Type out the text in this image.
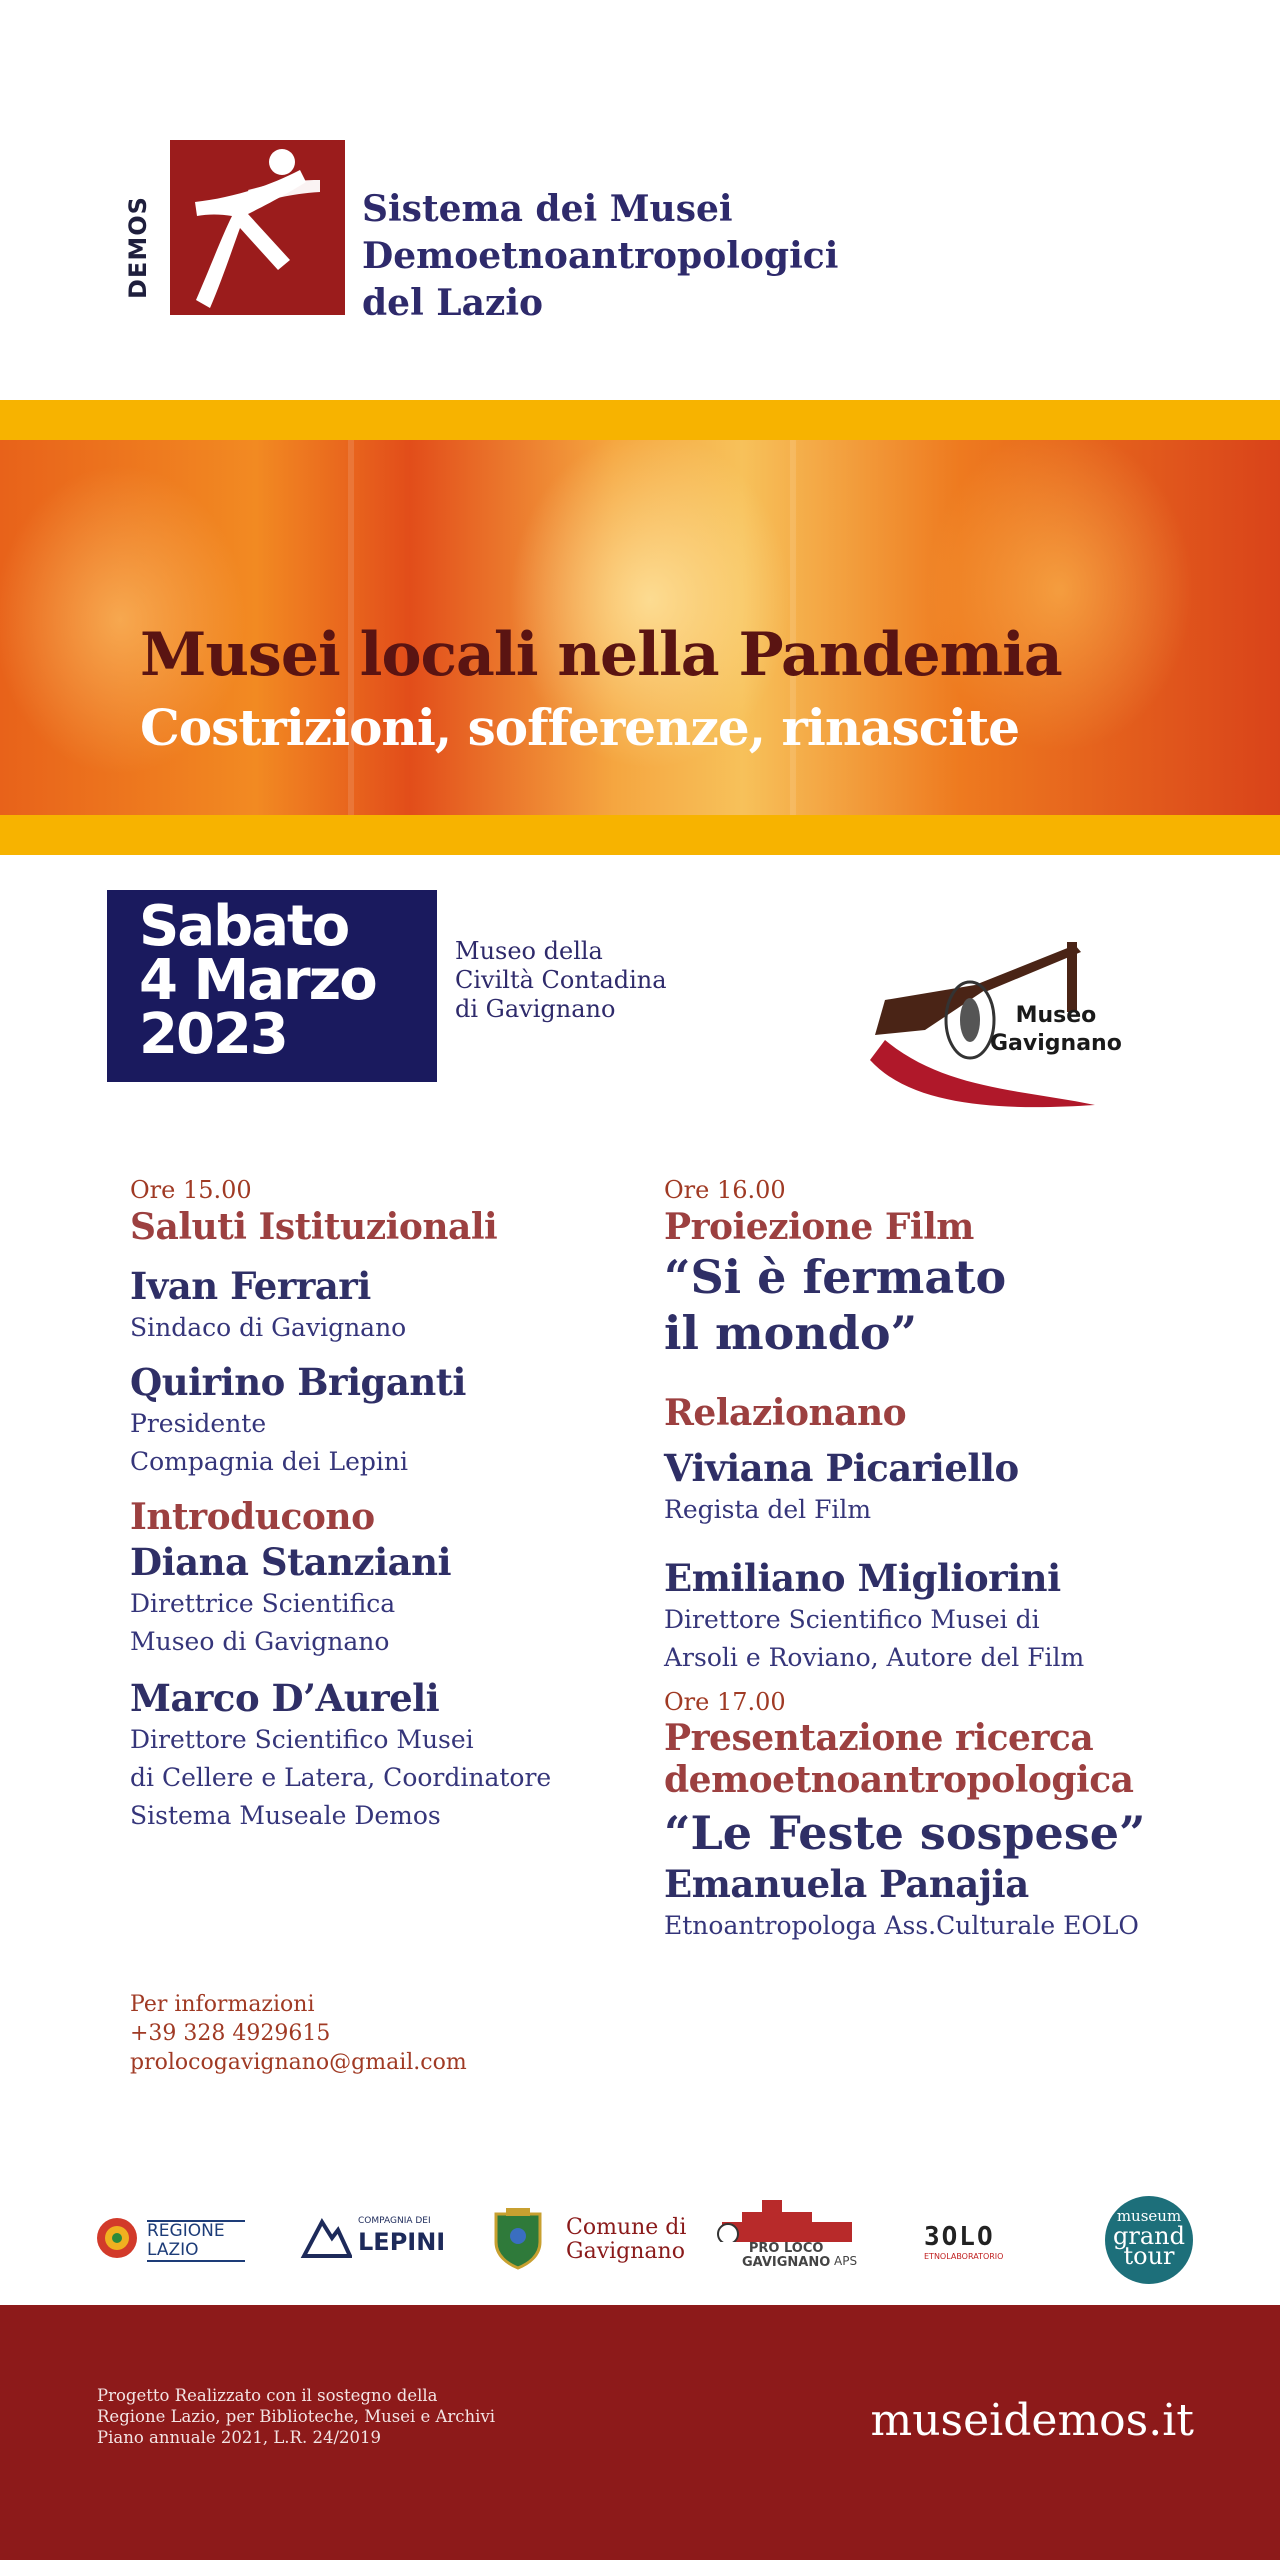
DEMOS	Sistema dei Musei
Demoetnoantropologici
del Lazio
Musei locali nella Pandemia
Costrizioni, sofferenze, rinascite
Sabato
4 Marzo
2023
Museo della
Civiltà Contadina
di Gavignano	Museo
Gavignano
Ore 15.00
Saluti Istituzionali
Ivan Ferrari
Sindaco di Gavignano
Quirino Briganti
Presidente
Compagnia dei Lepini
Introducono
Diana Stanziani
Direttrice Scientifica
Museo di Gavignano
Marco D’Aureli
Direttore Scientifico Musei
di Cellere e Latera, Coordinatore
Sistema Museale Demos
Ore 16.00
Proiezione Film
“Si è fermato
il mondo”
Relazionano
Viviana Picariello
Regista del Film
Emiliano Migliorini
Direttore Scientifico Musei di
Arsoli e Roviano, Autore del Film
Ore 17.00
Presentazione ricerca
demoetnoantropologica
“Le Feste sospese”
Emanuela Panajia
Etnoantropologa Ass.Culturale EOLO
Per informazioni
+39 328 4929615
prolocogavignano@gmail.com
REGIONE
LAZIO
COMPAGNIA DEI
LEPINI
Comune di
Gavignano	PRO LOCO
GAVIGNANO APS
3OLO
ETNOLABORATORIO
museum
grand
tour
Progetto Realizzato con il sostegno della
Regione Lazio, per Biblioteche, Musei e Archivi
Piano annuale 2021, L.R. 24/2019	museidemos.it
